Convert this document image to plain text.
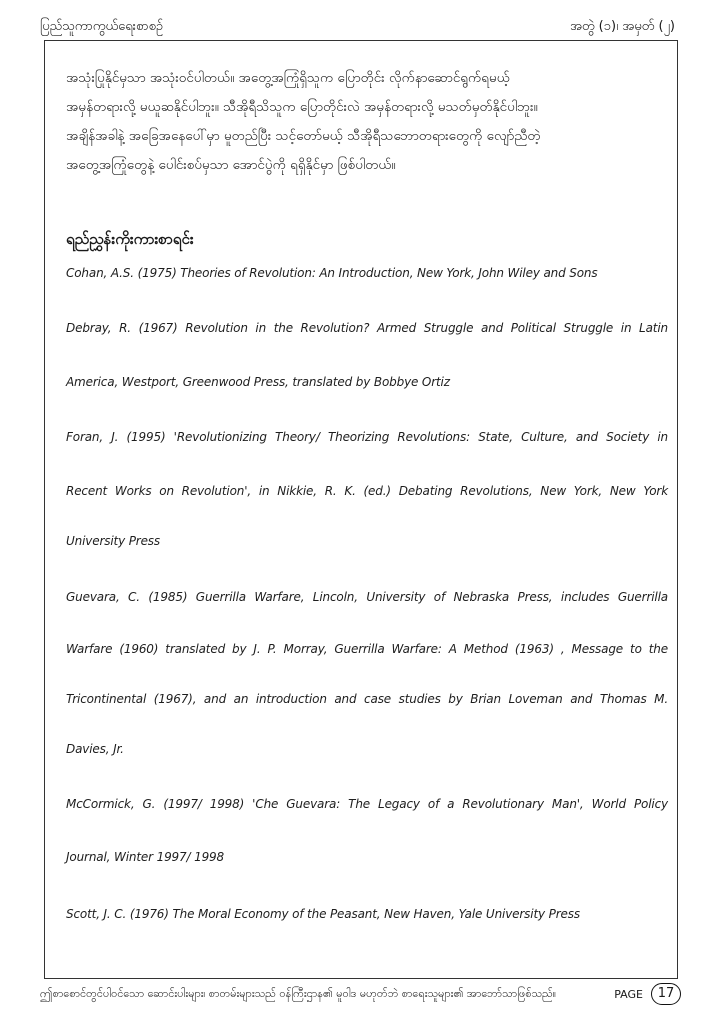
ပြည်သူကာကွယ်ရေးစာစဥ်	အတွဲ (၁)၊ အမှတ် (၂)

အသုံးပြုနိုင်မှသာ အသုံးဝင်ပါတယ်။ အတွေ့အကြုံရှိသူက ပြောတိုင်း လိုက်နာဆောင်ရွက်ရမယ့်

အမှန်တရားလို့ မယူဆနိုင်ပါဘူး။ သီအိုရီသိသူက ပြောတိုင်းလဲ အမှန်တရားလို့ မသတ်မှတ်နိုင်ပါဘူး။

အချိန်အခါနဲ့ အခြေအနေပေါ်မှာ မူတည်ပြီး သင့်တော်မယ့် သီအိုရီသဘောတရားတွေကို လျော်ညီတဲ့

အတွေ့အကြုံတွေနဲ့ ပေါင်းစပ်မှသာ အောင်ပွဲကို ရရှိနိုင်မှာ ဖြစ်ပါတယ်။

ရည်ညွှန်းကိုးကားစာရင်း
Cohan, A.S. (1975) Theories of Revolution: An Introduction, New York, John Wiley and Sons
Debray, R. (1967) Revolution in the Revolution? Armed Struggle and Political Struggle in Latin
America, Westport, Greenwood Press, translated by Bobbye Ortiz
Foran, J. (1995) 'Revolutionizing Theory/ Theorizing Revolutions: State, Culture, and Society in
Recent Works on Revolution', in Nikkie, R. K. (ed.) Debating Revolutions, New York, New York
University Press
Guevara, C. (1985) Guerrilla Warfare, Lincoln, University of Nebraska Press, includes Guerrilla
Warfare (1960) translated by J. P. Morray, Guerrilla Warfare: A Method (1963) , Message to the
Tricontinental (1967), and an introduction and case studies by Brian Loveman and Thomas M.
Davies, Jr.
McCormick, G. (1997/ 1998) 'Che Guevara: The Legacy of a Revolutionary Man', World Policy
Journal, Winter 1997/ 1998
Scott, J. C. (1976) The Moral Economy of the Peasant, New Haven, Yale University Press
ဤစာစောင်တွင်ပါဝင်သော ဆောင်းပါးများ၊ စာတမ်းများသည် ဝန်ကြီးဌာန၏ မူဝါဒ မဟုတ်ဘဲ စာရေးသူများ၏ အာဘော်သာဖြစ်သည်။	PAGE	17
